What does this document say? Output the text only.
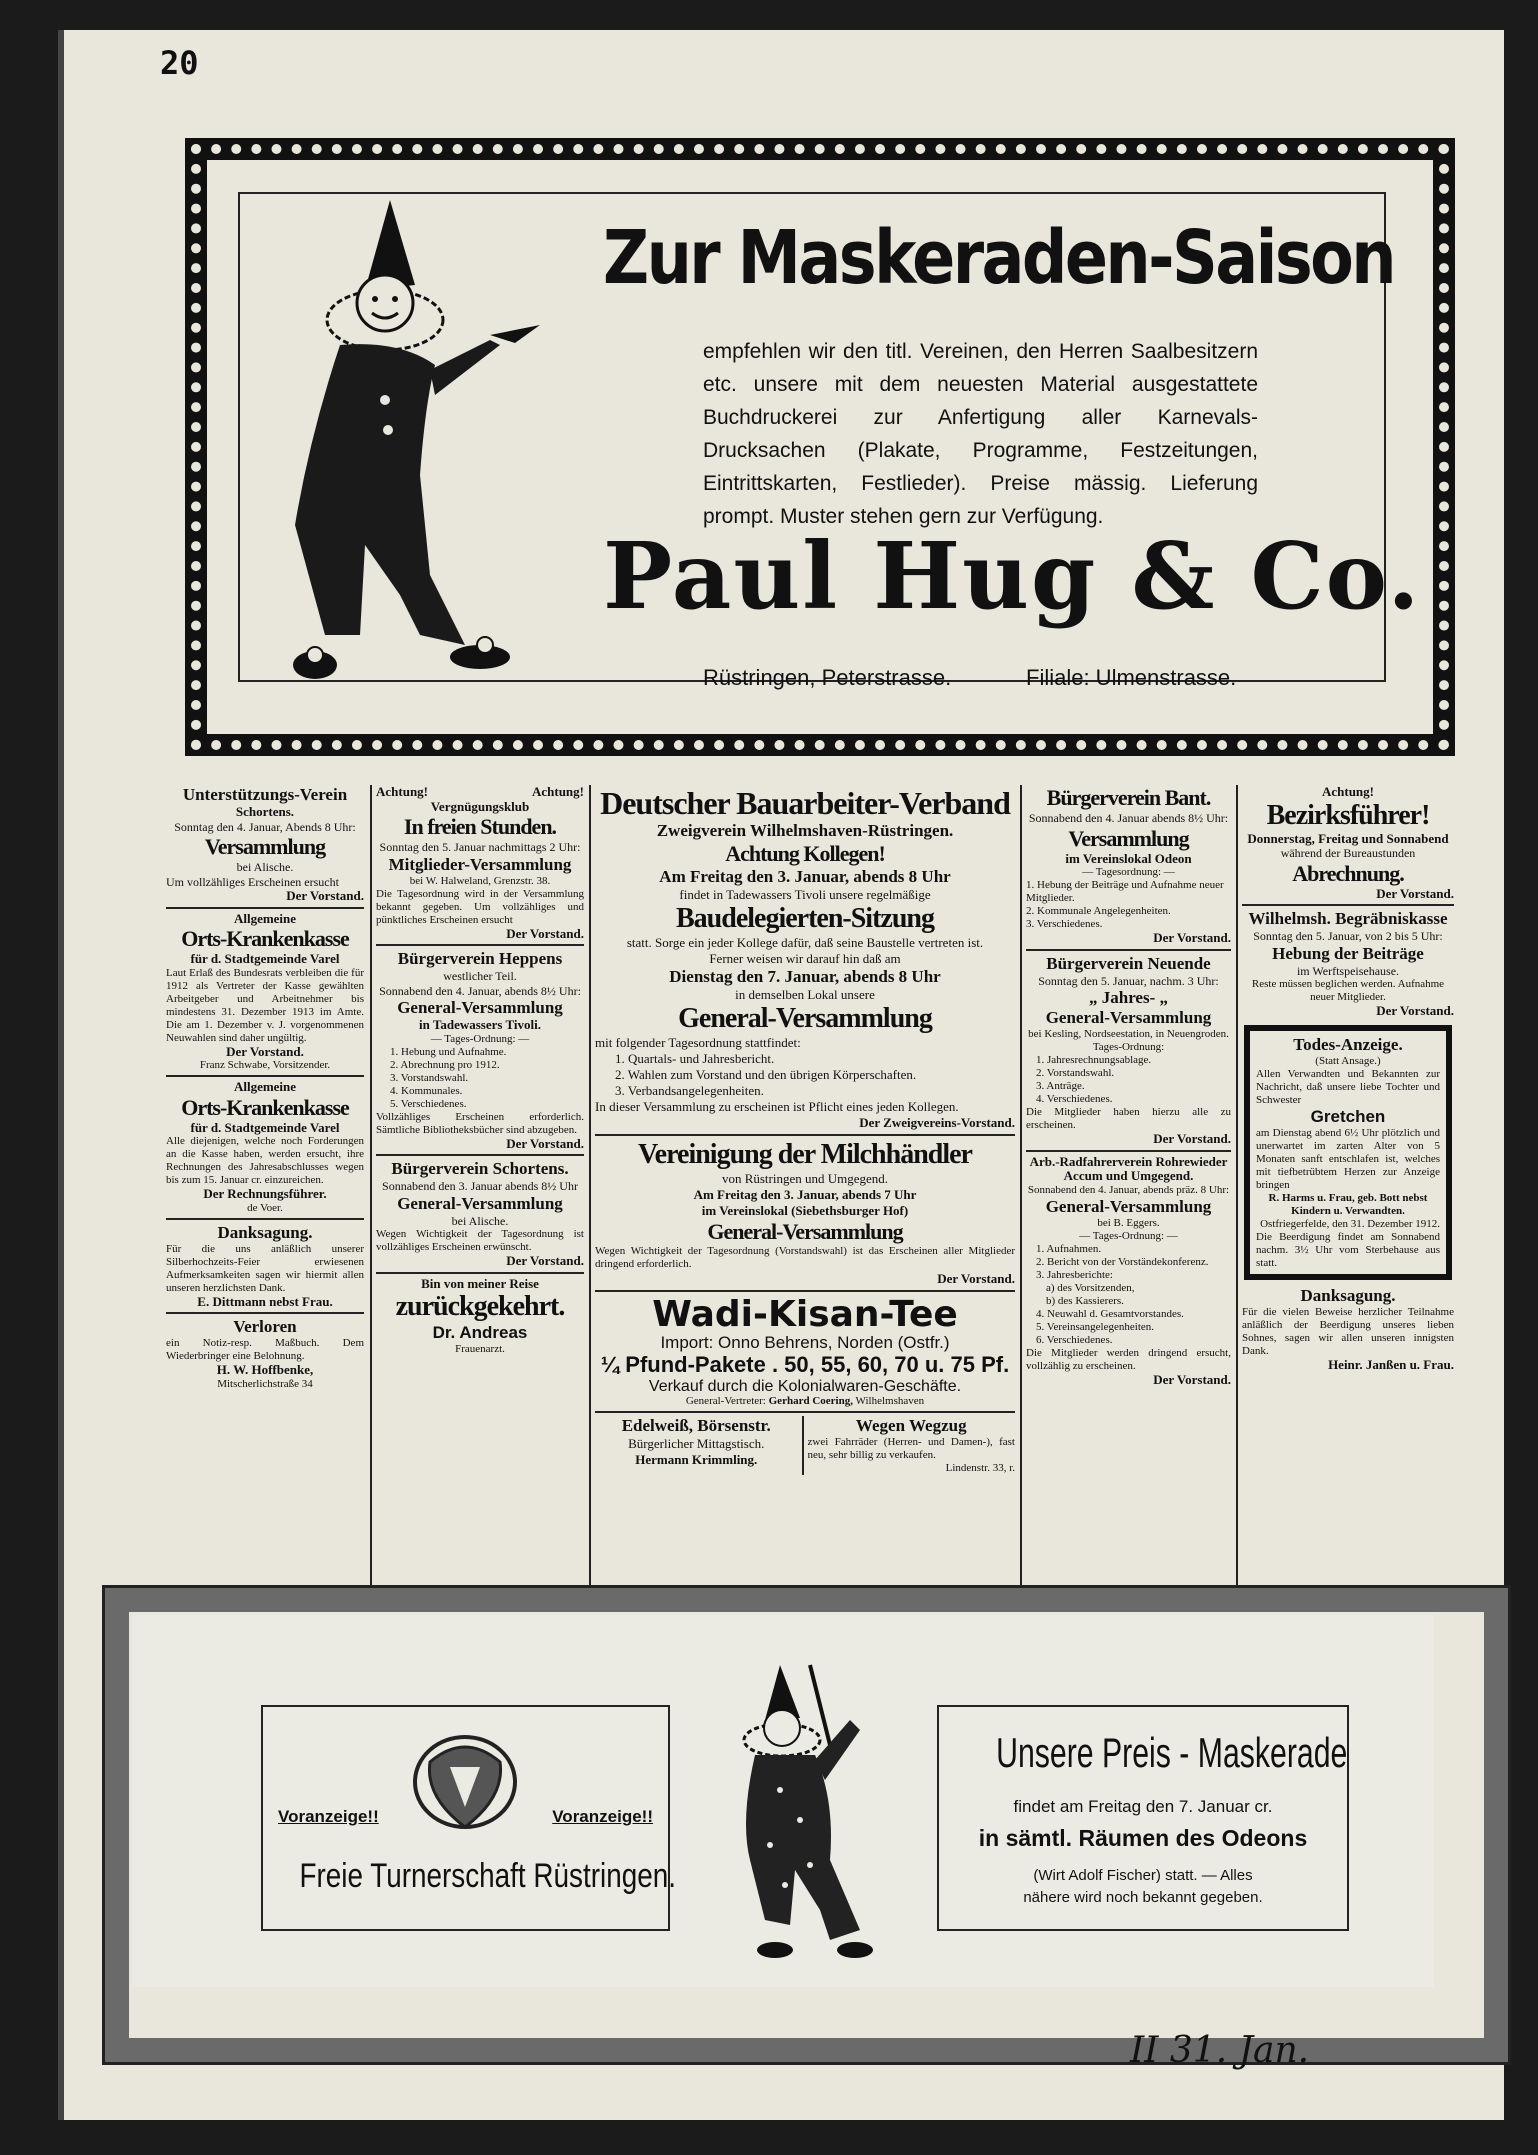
20
Zur Maskeraden-Saison
empfehlen wir den titl. Vereinen, den Herren Saalbesitzern etc. unsere mit dem neuesten Material ausgestattete Buchdruckerei zur Anfertigung aller Karnevals-Drucksachen (Plakate, Programme, Festzeitungen, Eintrittskarten, Festlieder). Preise mässig. Lieferung prompt. Muster stehen gern zur Verfügung.
Paul Hug & Co.
Rüstringen, Peterstrasse.	Filiale: Ulmenstrasse.
Unterstützungs-Verein
Schortens.
Sonntag den 4. Januar, Abends 8 Uhr:
Versammlung
bei Alische.
Um vollzähliges Erscheinen ersucht
Der Vorstand.
Allgemeine
Orts-Krankenkasse
für d. Stadtgemeinde Varel
Laut Erlaß des Bundesrats verbleiben die für 1912 als Vertreter der Kasse gewählten Arbeitgeber und Arbeitnehmer bis mindestens 31. Dezember 1913 im Amte. Die am 1. Dezember v. J. vorgenommenen Neuwahlen sind daher ungültig.
Der Vorstand.
Franz Schwabe, Vorsitzender.
Allgemeine
Orts-Krankenkasse
für d. Stadtgemeinde Varel
Alle diejenigen, welche noch Forderungen an die Kasse haben, werden ersucht, ihre Rechnungen des Jahresabschlusses wegen bis zum 15. Januar cr. einzureichen.
Der Rechnungsführer.
de Voer.
Danksagung.
Für die uns anläßlich unserer Silberhochzeits-Feier erwiesenen Aufmerksamkeiten sagen wir hiermit allen unseren herzlichsten Dank.
E. Dittmann nebst Frau.
Verloren
ein Notiz-resp. Maßbuch. Dem Wiederbringer eine Belohnung.
H. W. Hoffbenke,
Mitscherlichstraße 34
Achtung!	Achtung!
Vergnügungsklub
In freien Stunden.
Sonntag den 5. Januar nachmittags 2 Uhr:
Mitglieder-Versammlung
bei W. Halweland, Grenzstr. 38.
Die Tagesordnung wird in der Versammlung bekannt gegeben. Um vollzähliges und pünktliches Erscheinen ersucht
Der Vorstand.
Bürgerverein Heppens
westlicher Teil.
Sonnabend den 4. Januar, abends 8½ Uhr:
General-Versammlung
in Tadewassers Tivoli.
— Tages-Ordnung: —
1. Hebung und Aufnahme.
2. Abrechnung pro 1912.
3. Vorstandswahl.
4. Kommunales.
5. Verschiedenes.
Vollzähliges Erscheinen erforderlich. Sämtliche Bibliotheksbücher sind abzugeben.
Der Vorstand.
Bürgerverein Schortens.
Sonnabend den 3. Januar abends 8½ Uhr
General-Versammlung
bei Alische.
Wegen Wichtigkeit der Tagesordnung ist vollzähliges Erscheinen erwünscht.
Der Vorstand.
Bin von meiner Reise
zurückgekehrt.
Dr. Andreas
Frauenarzt.
Deutscher Bauarbeiter-Verband
Zweigverein Wilhelmshaven-Rüstringen.
Achtung Kollegen!
Am Freitag den 3. Januar, abends 8 Uhr
findet in Tadewassers Tivoli unsere regelmäßige
Baudelegierten-Sitzung
statt. Sorge ein jeder Kollege dafür, daß seine Baustelle vertreten ist.
Ferner weisen wir darauf hin daß am
Dienstag den 7. Januar, abends 8 Uhr
in demselben Lokal unsere
General-Versammlung
mit folgender Tagesordnung stattfindet:
1. Quartals- und Jahresbericht.
2. Wahlen zum Vorstand und den übrigen Körperschaften.
3. Verbandsangelegenheiten.
In dieser Versammlung zu erscheinen ist Pflicht eines jeden Kollegen.
Der Zweigvereins-Vorstand.
Vereinigung der Milchhändler
von Rüstringen und Umgegend.
Am Freitag den 3. Januar, abends 7 Uhr
im Vereinslokal (Siebethsburger Hof)
General-Versammlung
Wegen Wichtigkeit der Tagesordnung (Vorstandswahl) ist das Erscheinen aller Mitglieder dringend erforderlich.
Der Vorstand.
Wadi-Kisan-Tee
Import: Onno Behrens, Norden (Ostfr.)
¼ Pfund-Pakete . 50, 55, 60, 70 u. 75 Pf.
Verkauf durch die Kolonialwaren-Geschäfte.
General-Vertreter: Gerhard Coering, Wilhelmshaven
Edelweiß, Börsenstr.
Bürgerlicher Mittagstisch.
Hermann Krimmling.
Wegen Wegzug
zwei Fahrräder (Herren- und Damen-), fast neu, sehr billig zu verkaufen.
Lindenstr. 33, r.
Bürgerverein Bant.
Sonnabend den 4. Januar abends 8½ Uhr:
Versammlung
im Vereinslokal Odeon
— Tagesordnung: —
1. Hebung der Beiträge und Aufnahme neuer Mitglieder.
2. Kommunale Angelegenheiten.
3. Verschiedenes.
Der Vorstand.
Bürgerverein Neuende
Sonntag den 5. Januar, nachm. 3 Uhr:
„ Jahres- „
General-Versammlung
bei Kesling, Nordseestation, in Neuengroden.
Tages-Ordnung:
1. Jahresrechnungsablage.
2. Vorstandswahl.
3. Anträge.
4. Verschiedenes.
Die Mitglieder haben hierzu alle zu erscheinen.
Der Vorstand.
Arb.-Radfahrerverein Rohrewieder
Accum und Umgegend.
Sonnabend den 4. Januar, abends präz. 8 Uhr:
General-Versammlung
bei B. Eggers.
— Tages-Ordnung: —
1. Aufnahmen.
2. Bericht von der Vorständekonferenz.
3. Jahresberichte:
a) des Vorsitzenden,
b) des Kassierers.
4. Neuwahl d. Gesamtvorstandes.
5. Vereinsangelegenheiten.
6. Verschiedenes.
Die Mitglieder werden dringend ersucht, vollzählig zu erscheinen.
Der Vorstand.
Achtung!
Bezirksführer!
Donnerstag, Freitag und Sonnabend
während der Bureaustunden
Abrechnung.
Der Vorstand.
Wilhelmsh. Begräbniskasse
Sonntag den 5. Januar, von 2 bis 5 Uhr:
Hebung der Beiträge
im Werftspeisehause.
Reste müssen beglichen werden. Aufnahme neuer Mitglieder.
Der Vorstand.
Todes-Anzeige.
(Statt Ansage.)
Allen Verwandten und Bekannten zur Nachricht, daß unsere liebe Tochter und Schwester
Gretchen
am Dienstag abend 6½ Uhr plötzlich und unerwartet im zarten Alter von 5 Monaten sanft entschlafen ist, welches mit tiefbetrübtem Herzen zur Anzeige bringen
R. Harms u. Frau, geb. Bott nebst Kindern u. Verwandten.
Ostfriegerfelde, den 31. Dezember 1912.
Die Beerdigung findet am Sonnabend nachm. 3½ Uhr vom Sterbehause aus statt.
Danksagung.
Für die vielen Beweise herzlicher Teilnahme anläßlich der Beerdigung unseres lieben Sohnes, sagen wir allen unseren innigsten Dank.
Heinr. Janßen u. Frau.
Voranzeige!!	Voranzeige!!
Freie Turnerschaft Rüstringen.
Unsere Preis - Maskerade
findet am Freitag den 7. Januar cr.
in sämtl. Räumen des Odeons
(Wirt Adolf Fischer) statt. — Alles
nähere wird noch bekannt gegeben.
II 31. Jan.
